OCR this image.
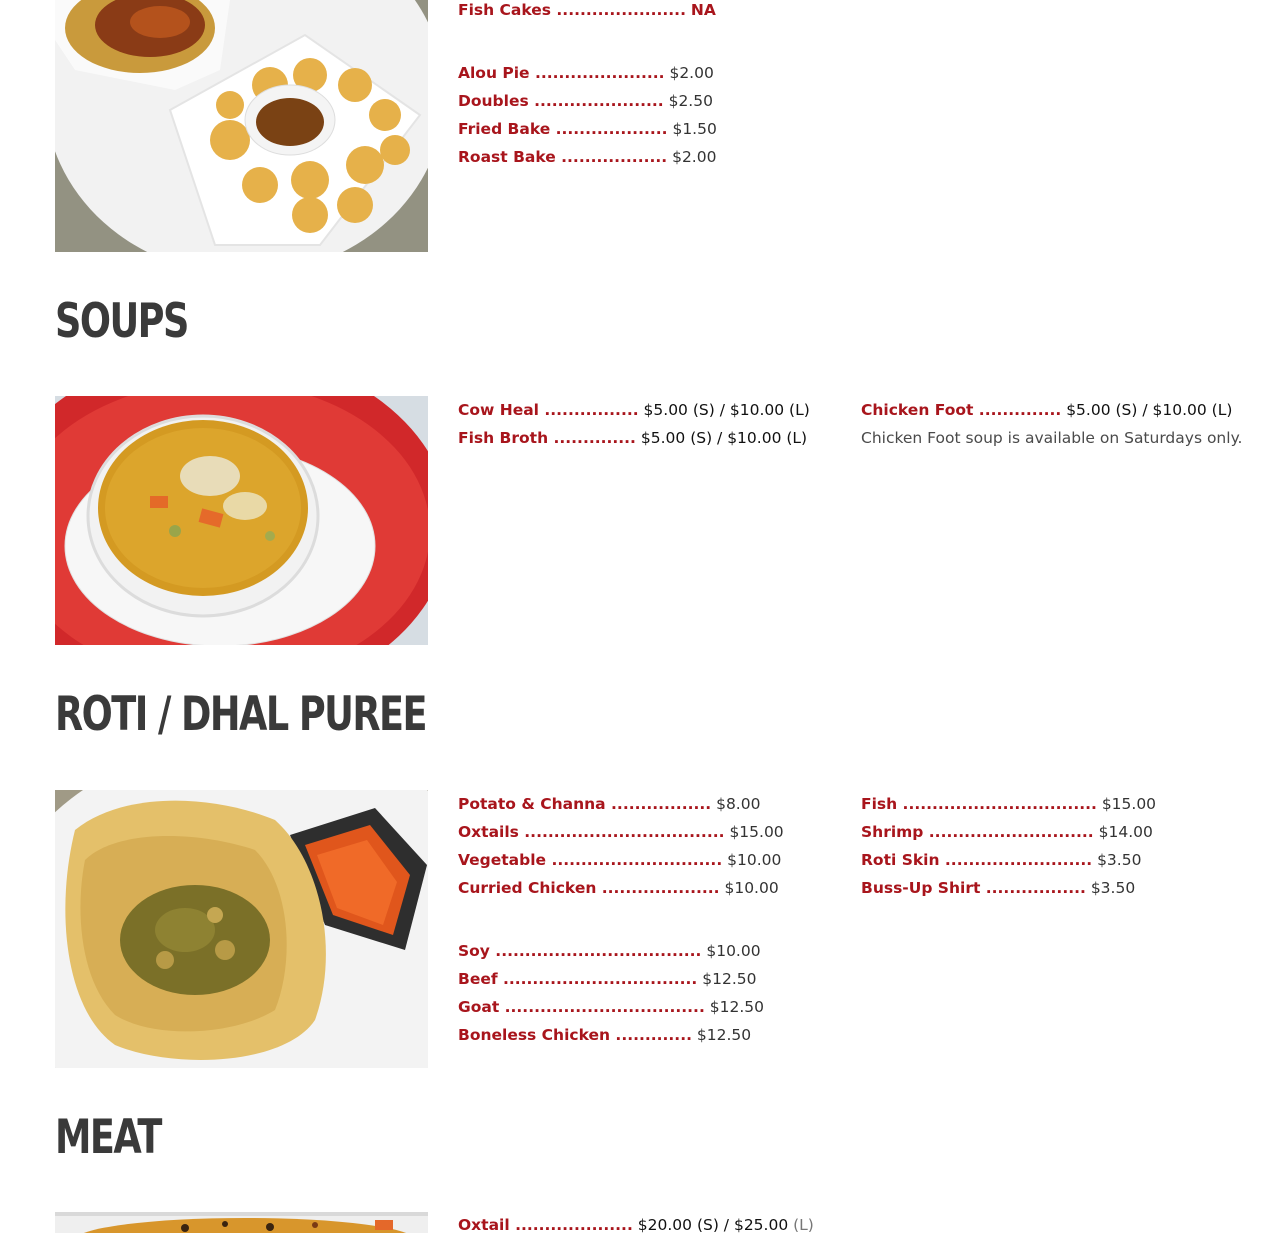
Fish Cakes ...................... NA
Alou Pie ...................... $2.00
Doubles ...................... $2.50
Fried Bake ................... $1.50
Roast Bake .................. $2.00
SOUPS
Cow Heal ................ $5.00 (S) / $10.00 (L)
Fish Broth .............. $5.00 (S) / $10.00 (L)
Chicken Foot .............. $5.00 (S) / $10.00 (L)
Chicken Foot soup is available on Saturdays only.
ROTI / DHAL PUREE
Potato & Channa ................. $8.00
Oxtails .................................. $15.00
Vegetable ............................. $10.00
Curried Chicken .................... $10.00
Soy ................................... $10.00
Beef ................................. $12.50
Goat .................................. $12.50
Boneless Chicken ............. $12.50
Fish ................................. $15.00
Shrimp ............................ $14.00
Roti Skin ......................... $3.50
Buss-Up Shirt ................. $3.50
MEAT
Oxtail .................... $20.00 (S) / $25.00 (L)
